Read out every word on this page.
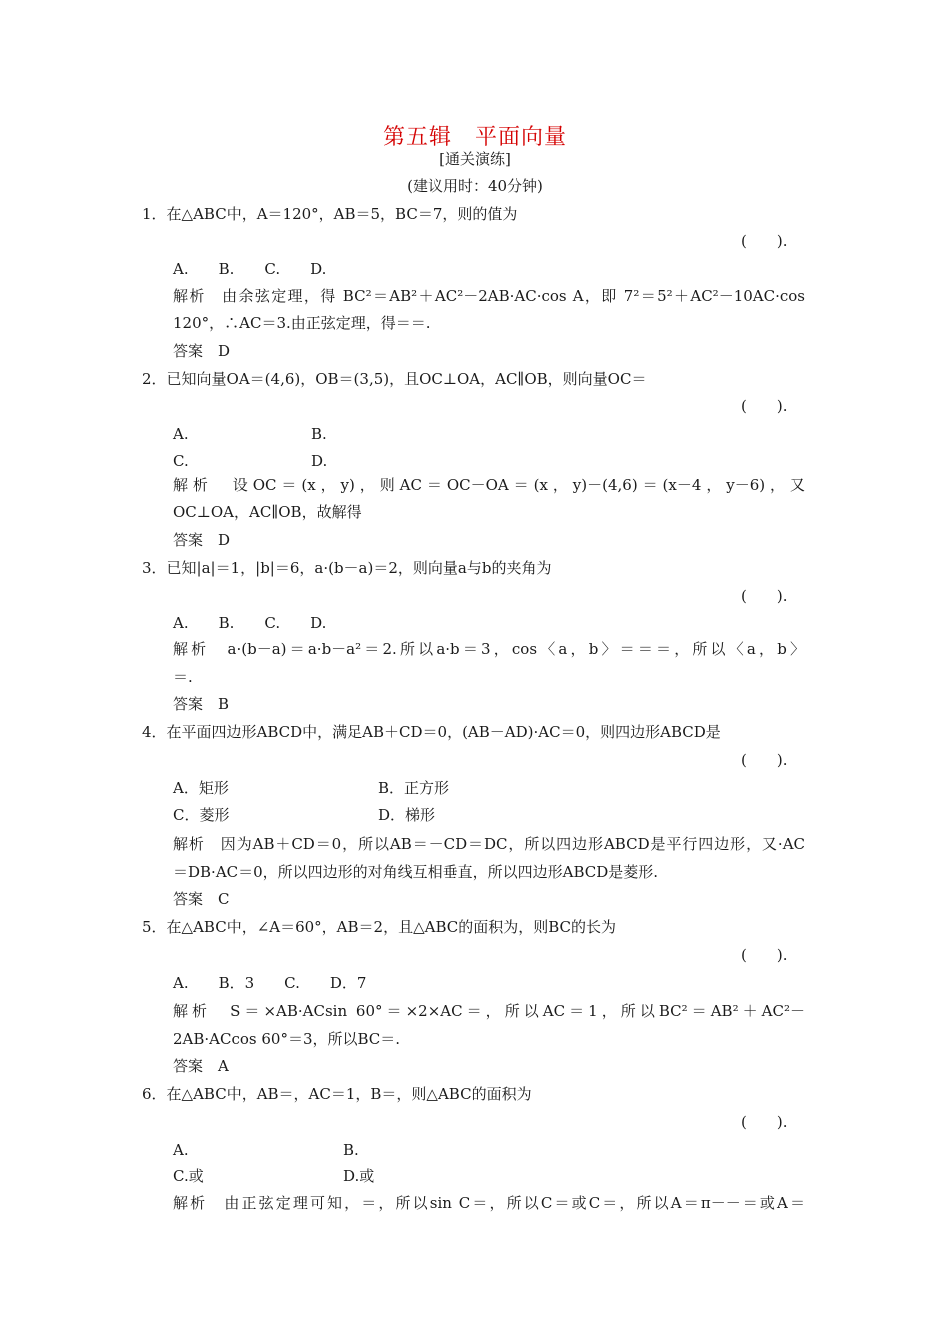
第五辑　平面向量
[通关演练]
(建议用时：40分钟)
1．在△ABC中，A＝120°，AB＝5，BC＝7，则的值为
(　　).
A.　　B.　　C.　　D.
解析　由余弦定理，得 BC²＝AB²＋AC²－2AB·AC·cos A，即 7²＝5²＋AC²－10AC·cos
120°，∴AC＝3.由正弦定理，得＝＝.
答案　D
2．已知向量OA＝(4,6)，OB＝(3,5)，且OC⊥OA，AC∥OB，则向量OC＝
(　　).
A.	B.
C.	D.
解析　设OC＝(x，y)，则AC＝OC－OA＝(x，y)－(4,6)＝(x－4，y－6)，又
OC⊥OA，AC∥OB，故解得
答案　D
3．已知|a|＝1，|b|＝6，a·(b－a)＝2，则向量a与b的夹角为
(　　).
A.　　B.　　C.　　D.
解析　a·(b－a)＝a·b－a²＝2.所以a·b＝3，cos〈a，b〉＝＝＝，所以〈a，b〉
＝.
答案　B
4．在平面四边形ABCD中，满足AB＋CD＝0，(AB－AD)·AC＝0，则四边形ABCD是
(　　).
A．矩形	B．正方形
C．菱形	D．梯形
解析　因为AB＋CD＝0，所以AB＝－CD＝DC，所以四边形ABCD是平行四边形，又·AC
＝DB·AC＝0，所以四边形的对角线互相垂直，所以四边形ABCD是菱形.
答案　C
5．在△ABC中，∠A＝60°，AB＝2，且△ABC的面积为，则BC的长为
(　　).
A.　　B．3　　C.　　D．7
解析　S＝×AB·ACsin 60°＝×2×AC＝，所以AC＝1，所以BC²＝AB²＋AC²－
2AB·ACcos 60°＝3，所以BC＝.
答案　A
6．在△ABC中，AB＝，AC＝1，B＝，则△ABC的面积为
(　　).
A.	B.
C.或	D.或
解析　由正弦定理可知，＝，所以sin C＝，所以C＝或C＝，所以A＝π－－＝或A＝
